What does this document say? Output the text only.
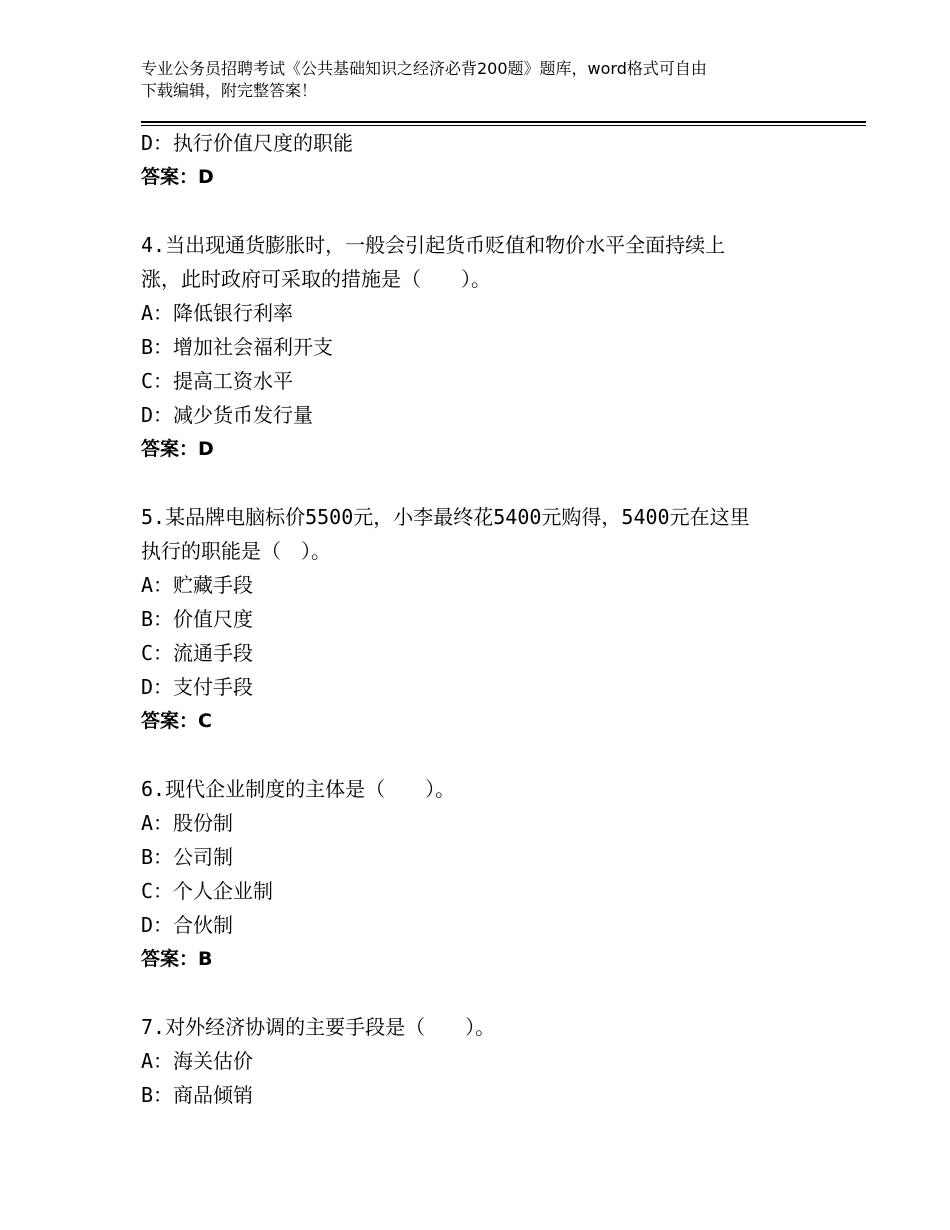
专业公务员招聘考试《公共基础知识之经济必背200题》题库，word格式可自由
下载编辑，附完整答案！
D：执行价值尺度的职能
答案：D
4.当出现通货膨胀时，一般会引起货币贬值和物价水平全面持续上
涨，此时政府可采取的措施是（　　）。
A：降低银行利率
B：增加社会福利开支
C：提高工资水平
D：减少货币发行量
答案：D
5.某品牌电脑标价5500元，小李最终花5400元购得，5400元在这里
执行的职能是（　）。
A：贮藏手段
B：价值尺度
C：流通手段
D：支付手段
答案：C
6.现代企业制度的主体是（　　）。
A：股份制
B：公司制
C：个人企业制
D：合伙制
答案：B
7.对外经济协调的主要手段是（　　）。
A：海关估价
B：商品倾销
